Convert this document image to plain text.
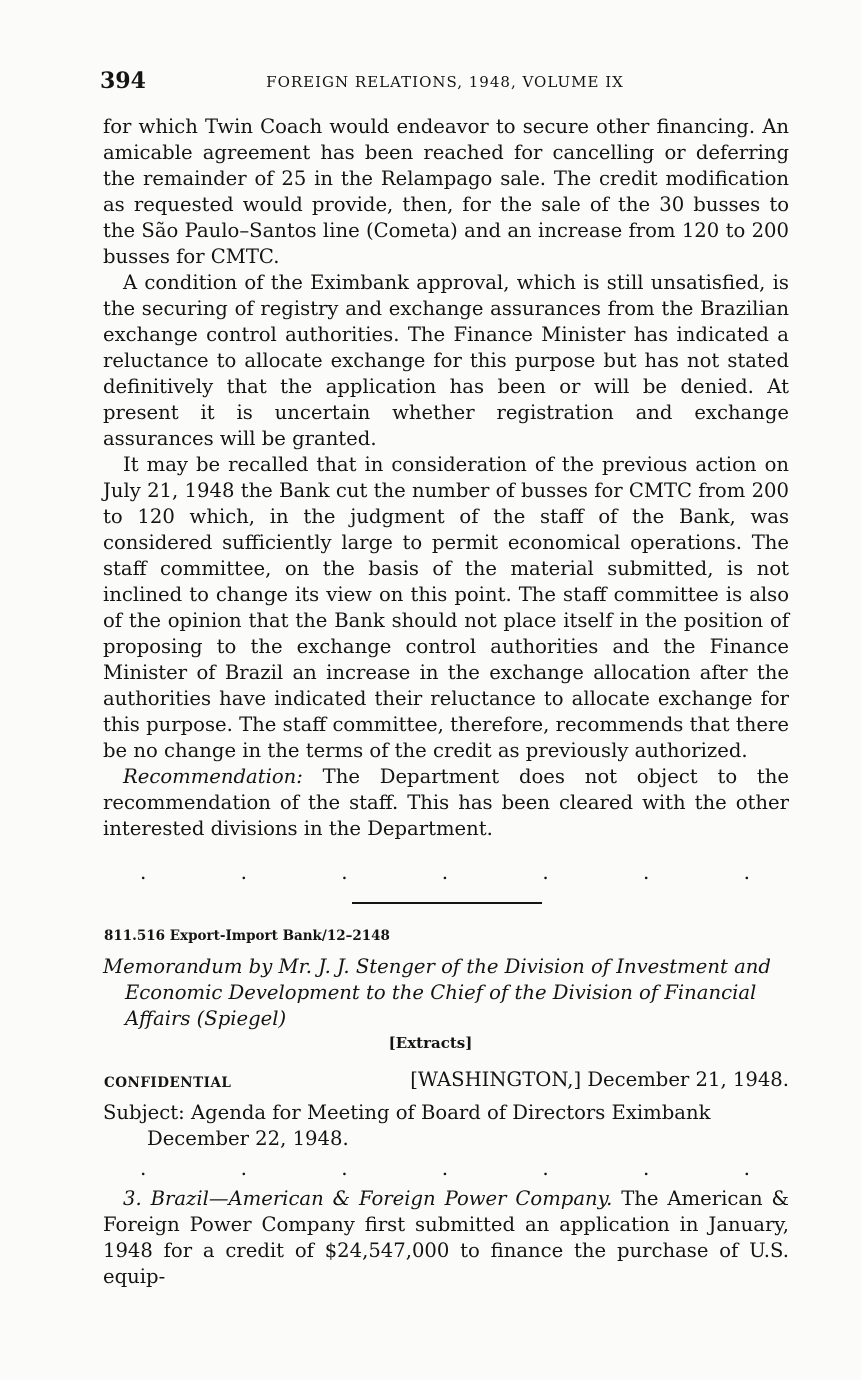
394	FOREIGN RELATIONS, 1948, VOLUME IX

for which Twin Coach would endeavor to secure other financing. An amicable agreement has been reached for cancelling or deferring the remainder of 25 in the Relampago sale. The credit modification as requested would provide, then, for the sale of the 30 busses to the São Paulo–Santos line (Cometa) and an increase from 120 to 200 busses for CMTC.

A condition of the Eximbank approval, which is still unsatisfied, is the securing of registry and exchange assurances from the Brazilian exchange control authorities. The Finance Minister has indicated a reluctance to allocate exchange for this purpose but has not stated definitively that the application has been or will be denied. At present it is uncertain whether registration and exchange assurances will be granted.

It may be recalled that in consideration of the previous action on July 21, 1948 the Bank cut the number of busses for CMTC from 200 to 120 which, in the judgment of the staff of the Bank, was considered sufficiently large to permit economical operations. The staff committee, on the basis of the material submitted, is not inclined to change its view on this point. The staff committee is also of the opinion that the Bank should not place itself in the position of proposing to the exchange control authorities and the Finance Minister of Brazil an increase in the exchange allocation after the authorities have indicated their reluctance to allocate exchange for this purpose. The staff committee, therefore, recommends that there be no change in the terms of the credit as previously authorized.

Recommendation: The Department does not object to the recommendation of the staff. This has been cleared with the other interested divisions in the Department.

.	.	.	.	.	.	.
811.516 Export-Import Bank/12–2148
Memorandum by Mr. J. J. Stenger of the Division of Investment and
Economic Development to the Chief of the Division of Financial
Affairs (Spiegel)
[Extracts]
CONFIDENTIAL	[WASHINGTON,] December 21, 1948.
Subject: Agenda for Meeting of Board of Directors Eximbank
December 22, 1948.
.	.	.	.	.	.	.

3. Brazil—American & Foreign Power Company. The American & Foreign Power Company first submitted an application in January, 1948 for a credit of $24,547,000 to finance the purchase of U.S. equip-
